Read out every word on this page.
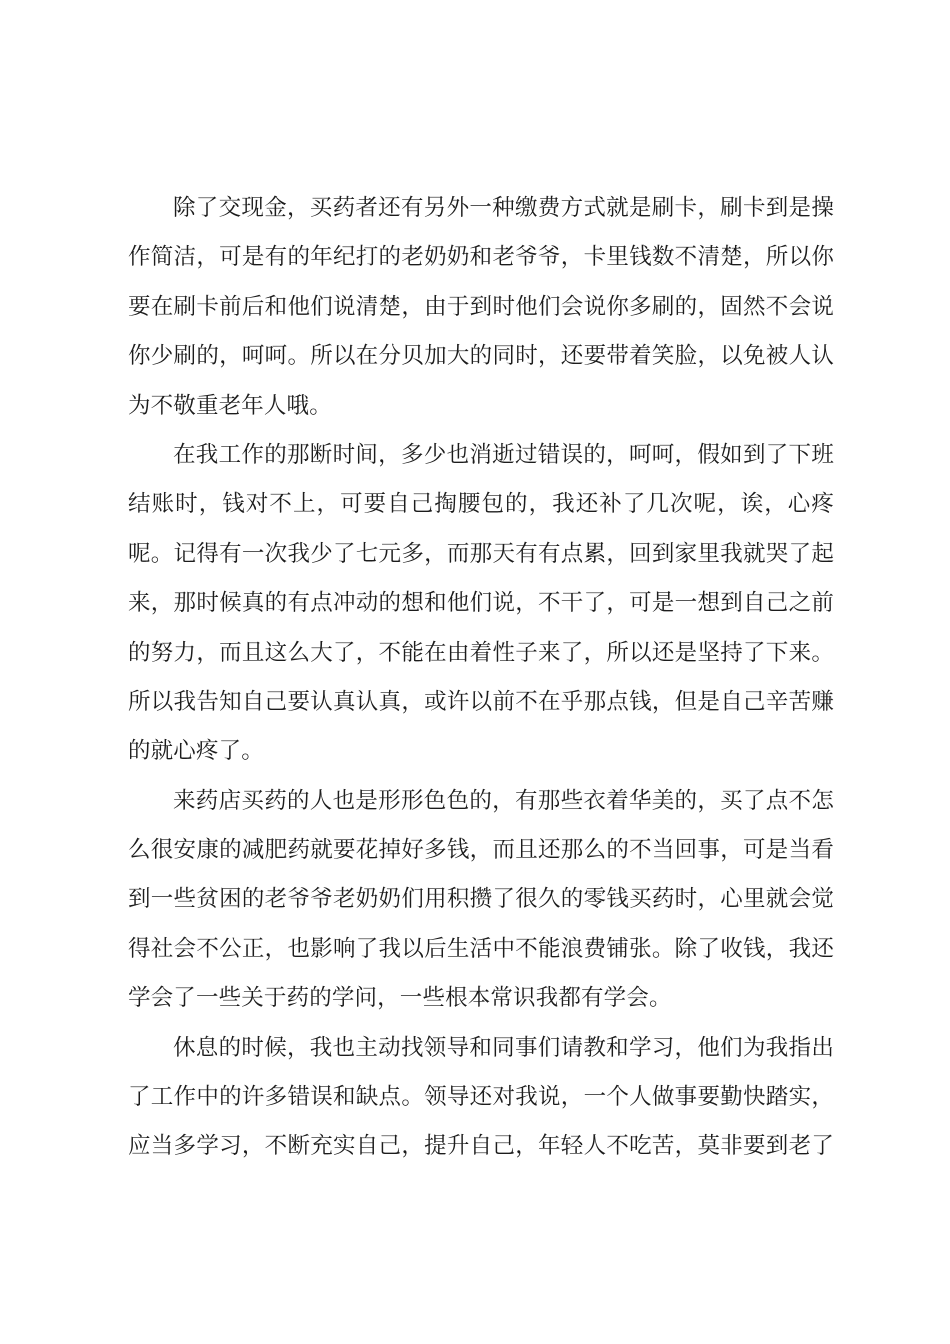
除了交现金，买药者还有另外一种缴费方式就是刷卡，刷卡到是操
作简洁，可是有的年纪打的老奶奶和老爷爷，卡里钱数不清楚，所以你
要在刷卡前后和他们说清楚，由于到时他们会说你多刷的，固然不会说
你少刷的，呵呵。所以在分贝加大的同时，还要带着笑脸，以免被人认
为不敬重老年人哦。
在我工作的那断时间，多少也消逝过错误的，呵呵，假如到了下班
结账时，钱对不上，可要自己掏腰包的，我还补了几次呢，诶，心疼
呢。记得有一次我少了七元多，而那天有有点累，回到家里我就哭了起
来，那时候真的有点冲动的想和他们说，不干了，可是一想到自己之前
的努力，而且这么大了，不能在由着性子来了，所以还是坚持了下来。
所以我告知自己要认真认真，或许以前不在乎那点钱，但是自己辛苦赚
的就心疼了。
来药店买药的人也是形形色色的，有那些衣着华美的，买了点不怎
么很安康的减肥药就要花掉好多钱，而且还那么的不当回事，可是当看
到一些贫困的老爷爷老奶奶们用积攒了很久的零钱买药时，心里就会觉
得社会不公正，也影响了我以后生活中不能浪费铺张。除了收钱，我还
学会了一些关于药的学问，一些根本常识我都有学会。
休息的时候，我也主动找领导和同事们请教和学习，他们为我指出
了工作中的许多错误和缺点。领导还对我说，一个人做事要勤快踏实，
应当多学习，不断充实自己，提升自己，年轻人不吃苦，莫非要到老了
